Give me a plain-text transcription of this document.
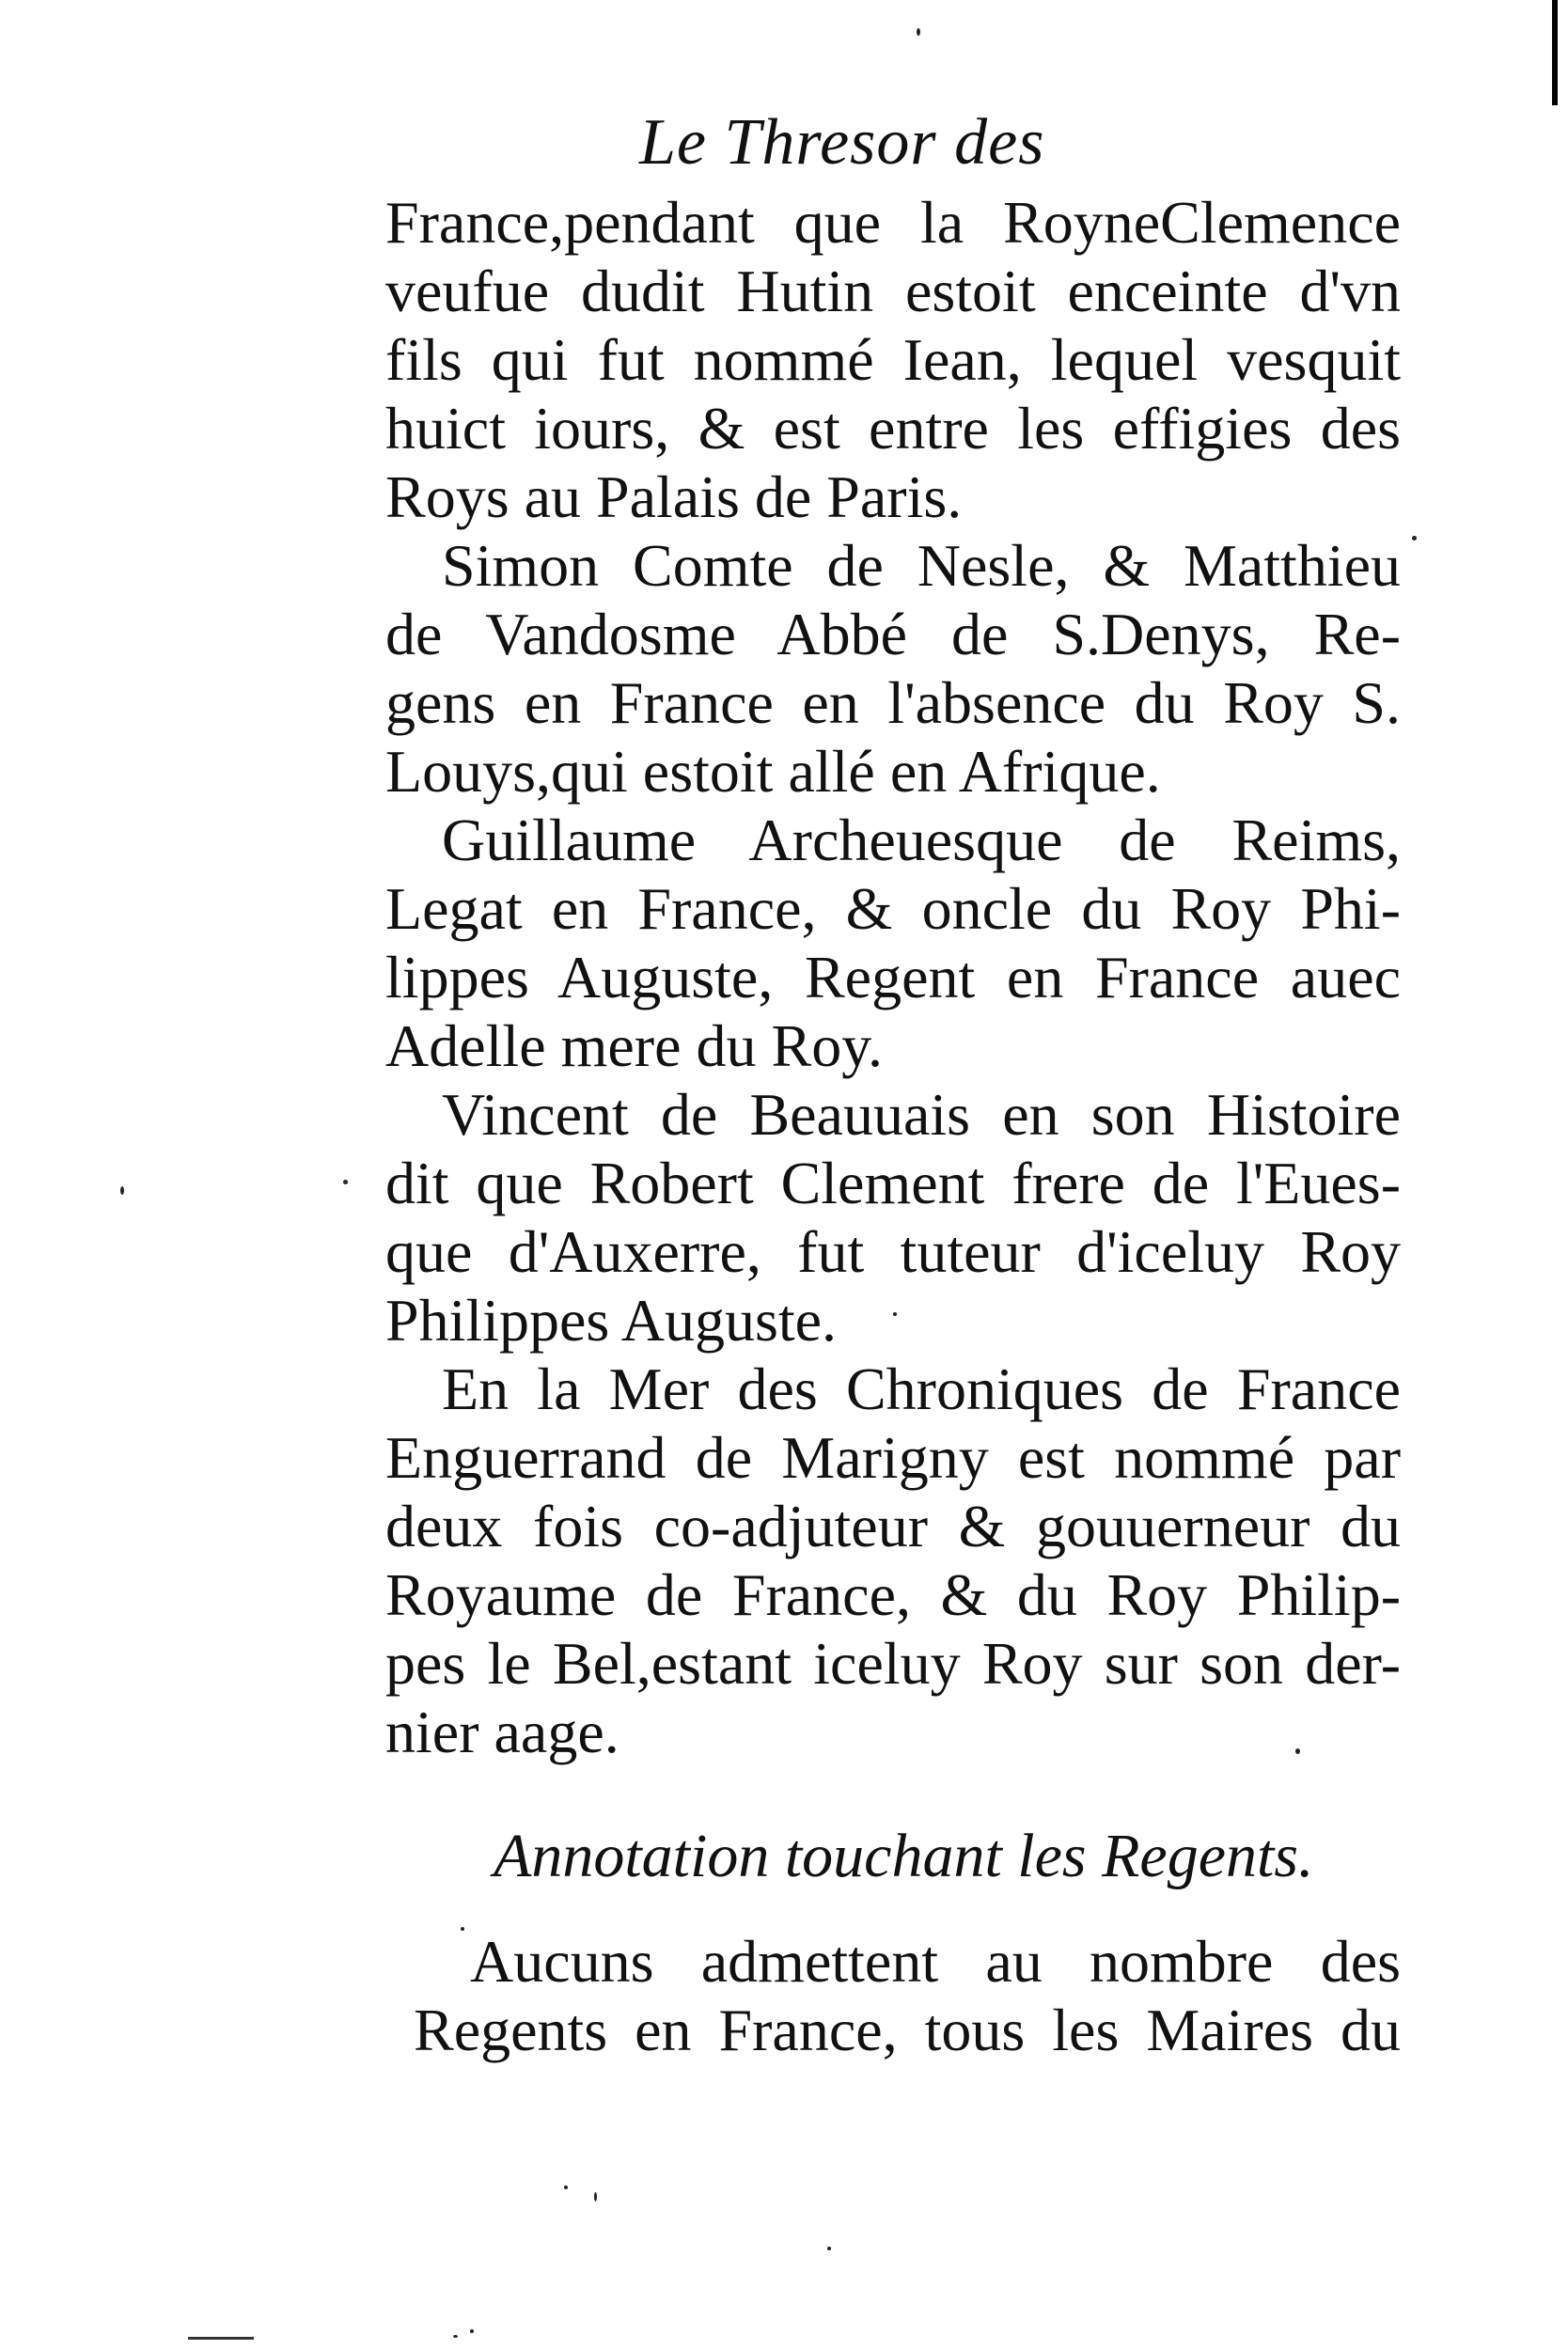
Le Thresor des
France,pendant que la RoyneClemence
veufue dudit Hutin estoit enceinte d'vn
fils qui fut nommé Iean, lequel vesquit
huict iours, & est entre les effigies des
Roys au Palais de Paris.
Simon Comte de Nesle, & Matthieu
de Vandosme Abbé de S.Denys, Re-
gens en France en l'absence du Roy S.
Louys,qui estoit allé en Afrique.
Guillaume Archeuesque de Reims,
Legat en France, & oncle du Roy Phi-
lippes Auguste, Regent en France auec
Adelle mere du Roy.
Vincent de Beauuais en son Histoire
dit que Robert Clement frere de l'Eues-
que d'Auxerre, fut tuteur d'iceluy Roy
Philippes Auguste.
En la Mer des Chroniques de France
Enguerrand de Marigny est nommé par
deux fois co-adjuteur & gouuerneur du
Royaume de France, & du Roy Philip-
pes le Bel,estant iceluy Roy sur son der-
nier aage.
Annotation touchant les Regents.
Aucuns admettent au nombre des
Regents en France, tous les Maires du
